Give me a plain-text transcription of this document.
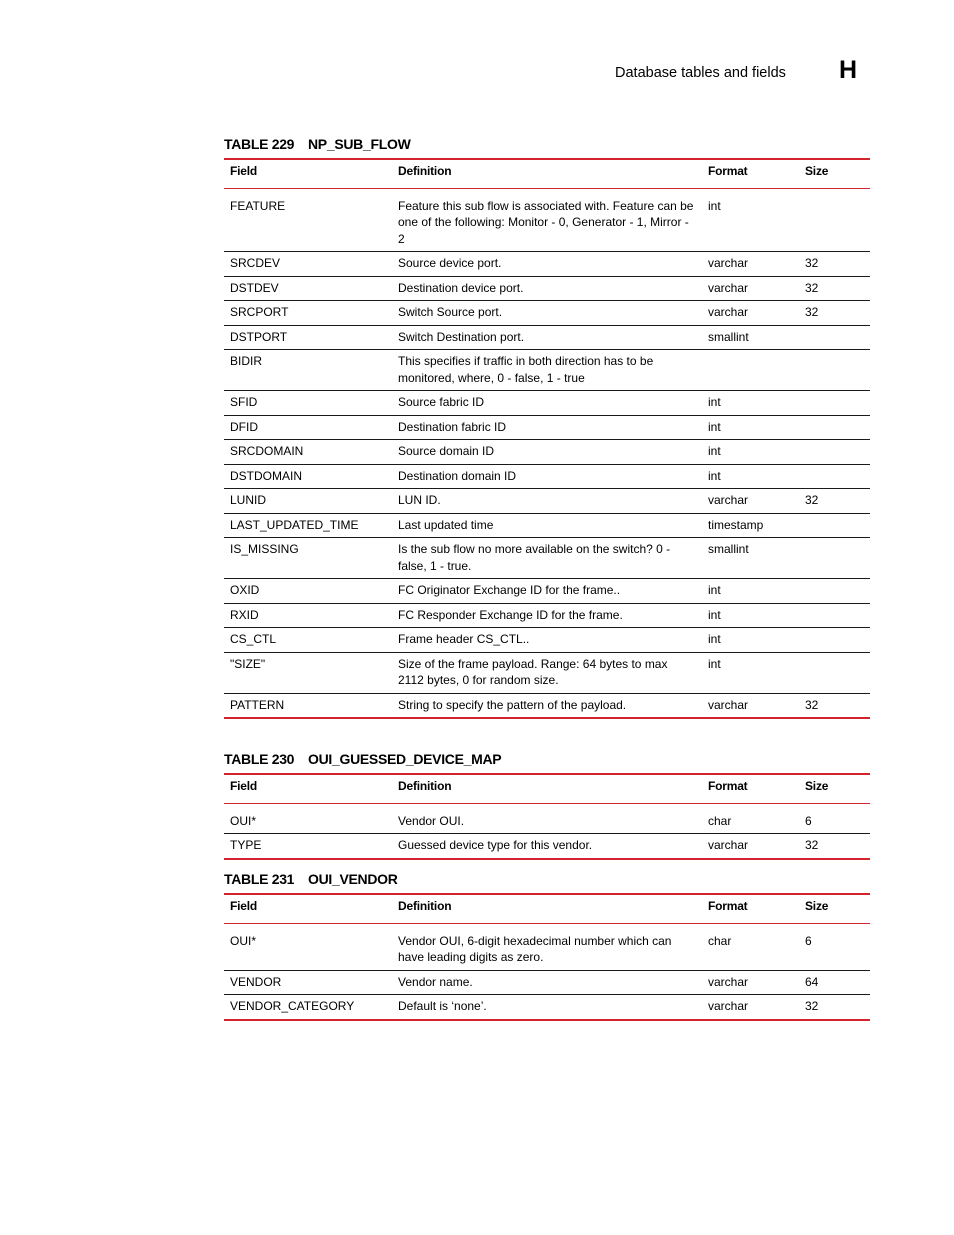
Database tables and fields H
TABLE 229 NP_SUB_FLOW
Field	Definition	Format	Size
FEATURE	Feature this sub flow is associated with. Feature can be one of the following: Monitor - 0, Generator - 1, Mirror - 2	int	
SRCDEV	Source device port.	varchar	32
DSTDEV	Destination device port.	varchar	32
SRCPORT	Switch Source port.	varchar	32
DSTPORT	Switch Destination port.	smallint	
BIDIR	This specifies if traffic in both direction has to be monitored, where, 0 - false, 1 - true		
SFID	Source fabric ID	int	
DFID	Destination fabric ID	int	
SRCDOMAIN	Source domain ID	int	
DSTDOMAIN	Destination domain ID	int	
LUNID	LUN ID.	varchar	32
LAST_UPDATED_TIME	Last updated time	timestamp	
IS_MISSING	Is the sub flow no more available on the switch? 0 - false, 1 - true.	smallint	
OXID	FC Originator Exchange ID for the frame..	int	
RXID	FC Responder Exchange ID for the frame.	int	
CS_CTL	Frame header CS_CTL..	int	
"SIZE"	Size of the frame payload. Range: 64 bytes to max 2112 bytes, 0 for random size.	int	
PATTERN	String to specify the pattern of the payload.	varchar	32
TABLE 230 OUI_GUESSED_DEVICE_MAP
Field	Definition	Format	Size
OUI*	Vendor OUI.	char	6
TYPE	Guessed device type for this vendor.	varchar	32
TABLE 231 OUI_VENDOR
Field	Definition	Format	Size
OUI*	Vendor OUI, 6-digit hexadecimal number which can have leading digits as zero.	char	6
VENDOR	Vendor name.	varchar	64
VENDOR_CATEGORY	Default is ‘none’.	varchar	32
